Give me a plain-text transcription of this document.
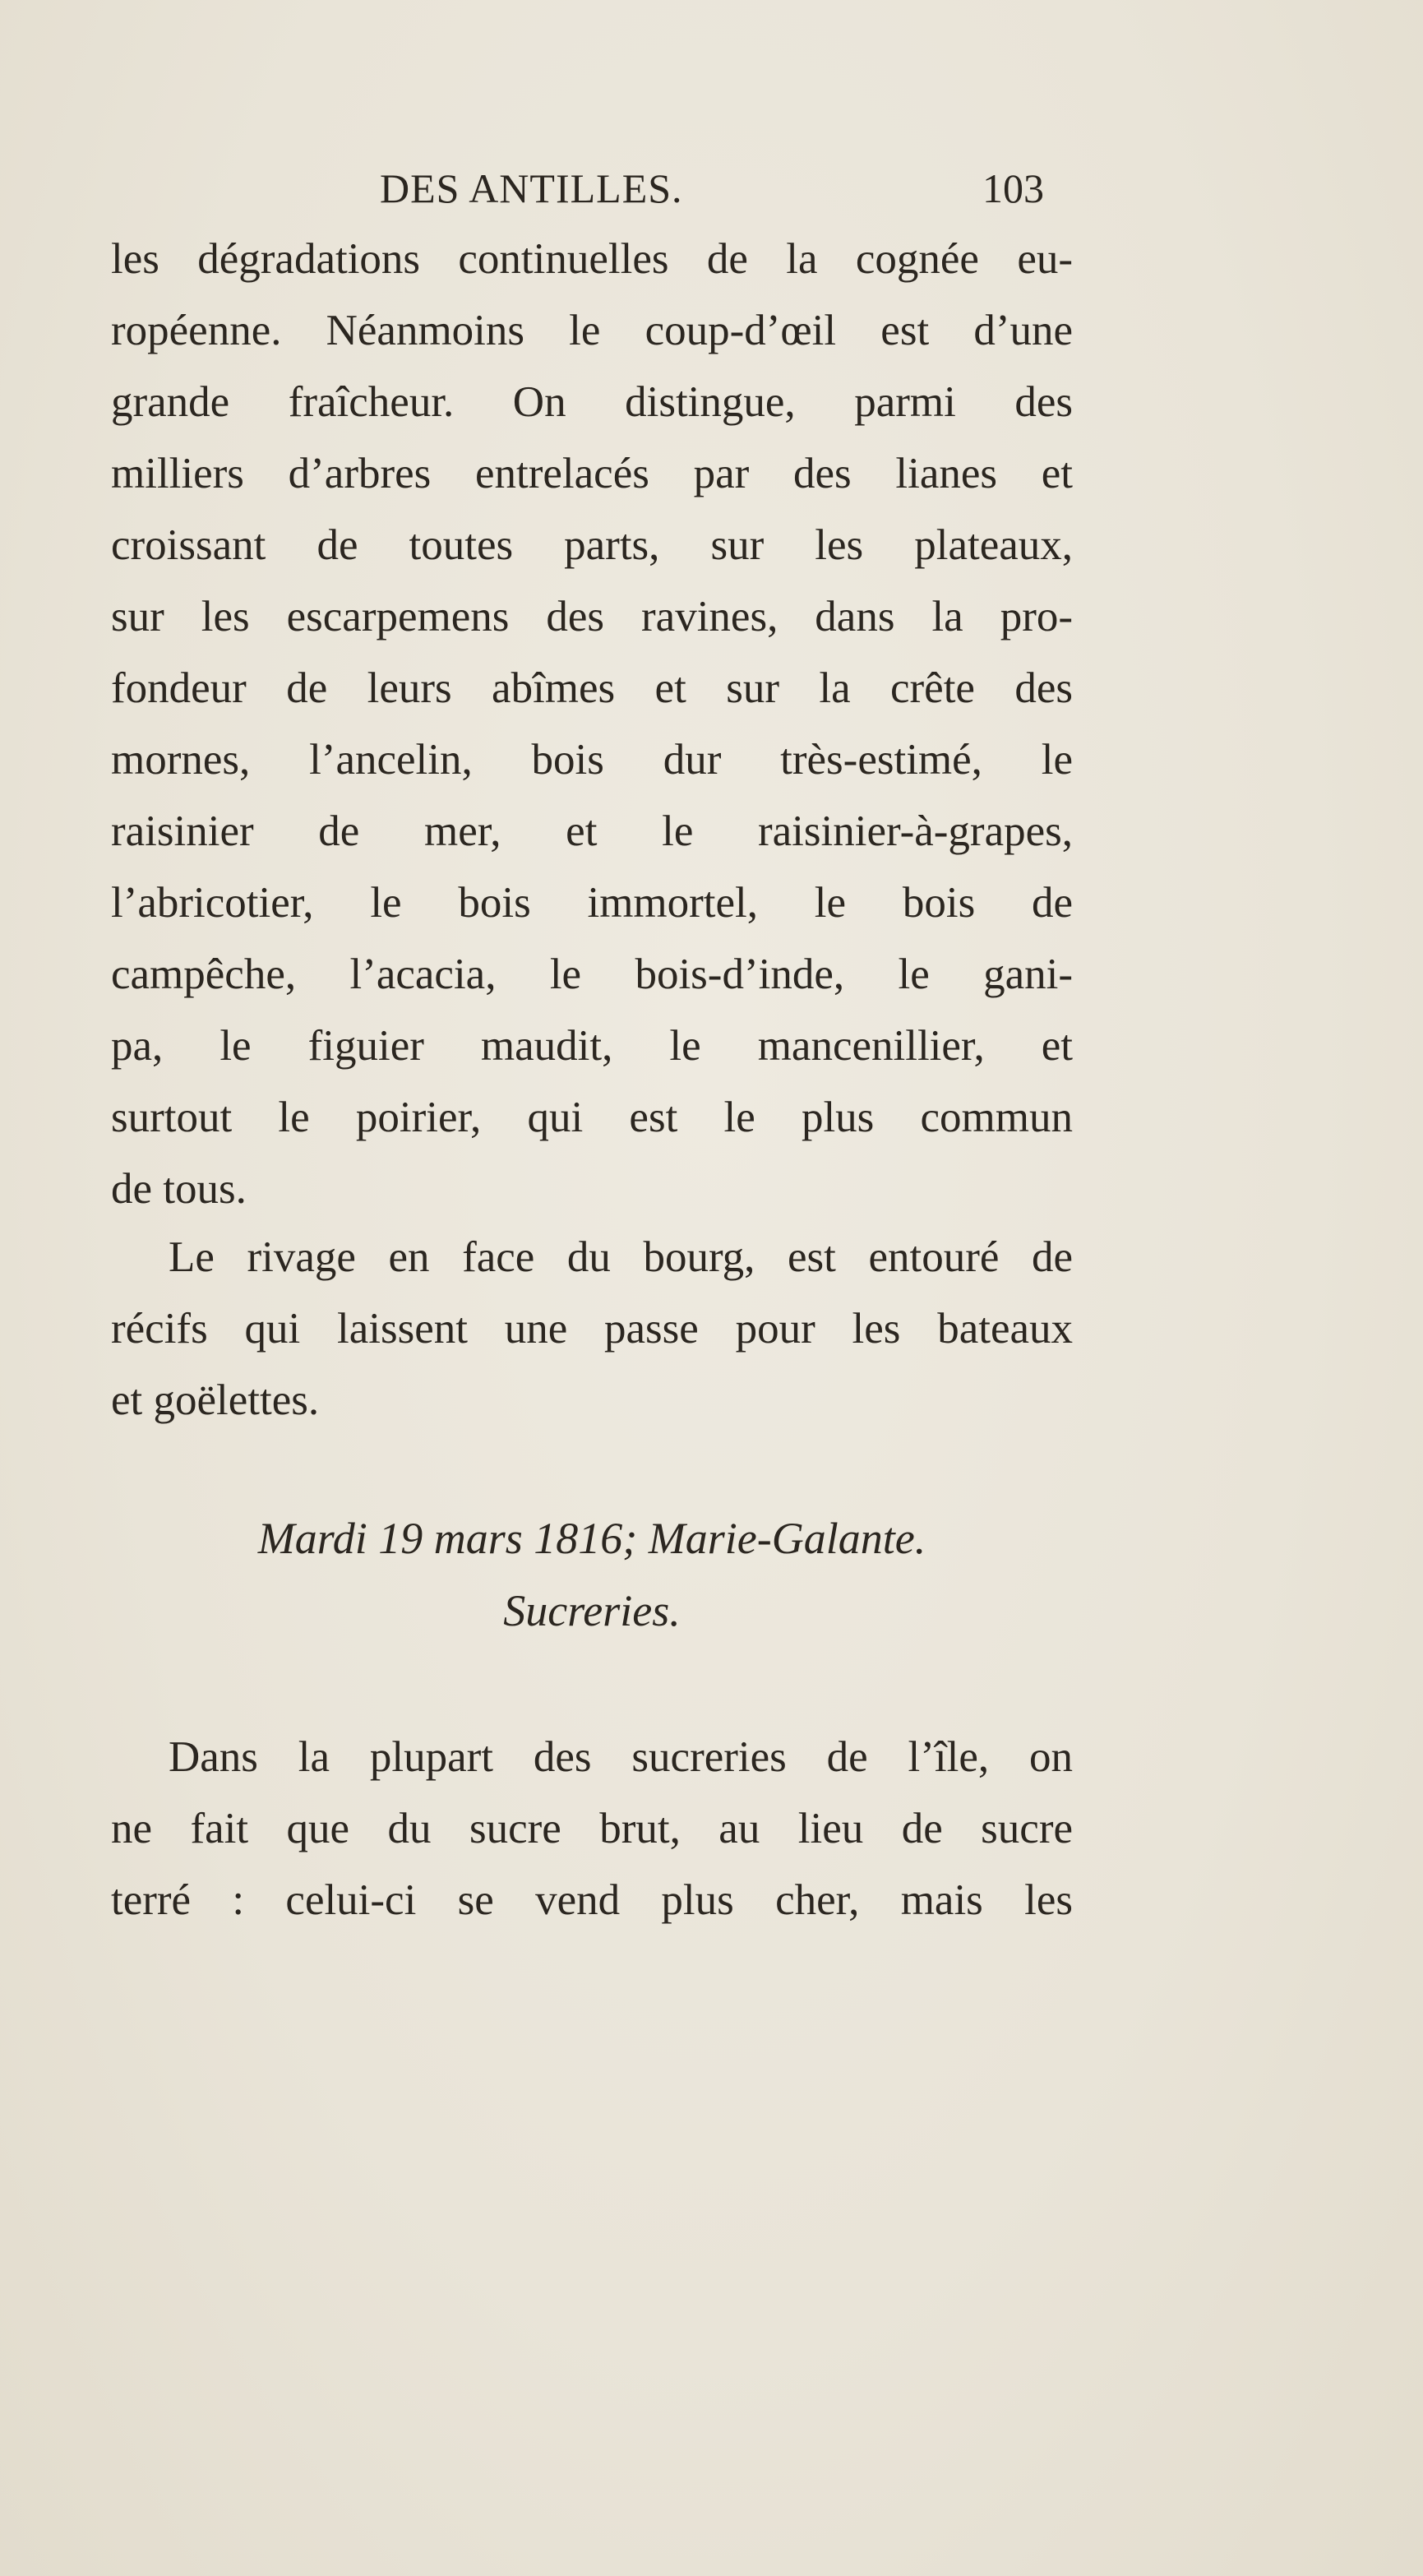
DES ANTILLES.	103
les dégradations continuelles de la cognée eu-
ropéenne. Néanmoins le coup-d’œil est d’une
grande fraîcheur. On distingue, parmi des
milliers d’arbres entrelacés par des lianes et
croissant de toutes parts, sur les plateaux,
sur les escarpemens des ravines, dans la pro-
fondeur de leurs abîmes et sur la crête des
mornes, l’ancelin, bois dur très-estimé, le
raisinier de mer, et le raisinier-à-grapes,
l’abricotier, le bois immortel, le bois de
campêche, l’acacia, le bois-d’inde, le gani-
pa, le figuier maudit, le mancenillier, et
surtout le poirier, qui est le plus commun
de tous.
Le rivage en face du bourg, est entouré de
récifs qui laissent une passe pour les bateaux
et goëlettes.
Mardi 19 mars 1816; Marie-Galante.
Sucreries.
Dans la plupart des sucreries de l’île, on
ne fait que du sucre brut, au lieu de sucre
terré : celui-ci se vend plus cher, mais les
